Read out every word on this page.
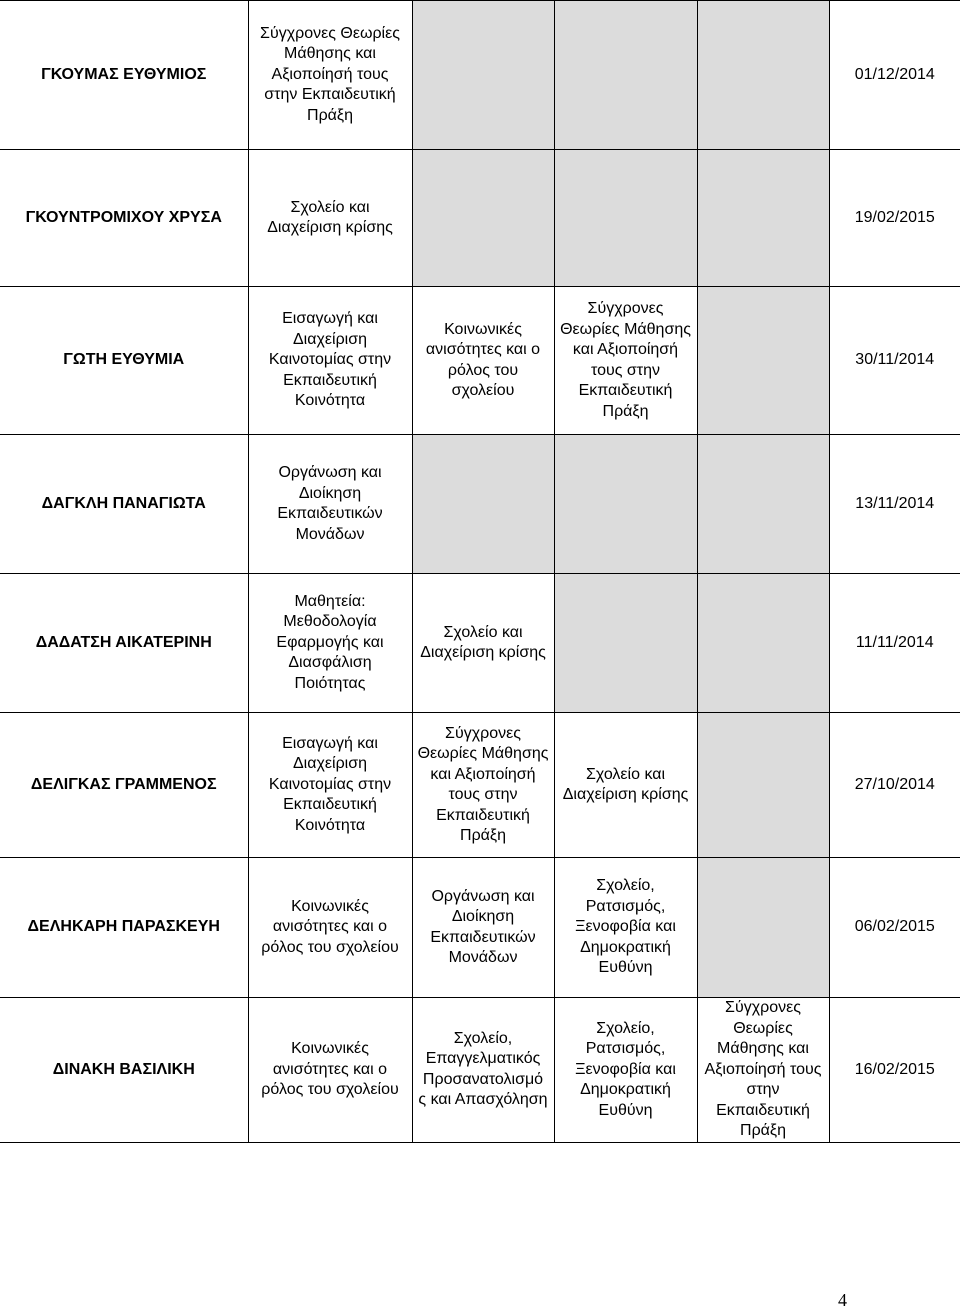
ΓΚΟΥΜΑΣ ΕΥΘΥΜΙΟΣ	Σύγχρονες Θεωρίες Μάθησης και Αξιοποίησή τους στην Εκπαιδευτική Πράξη				01/12/2014
ΓΚΟΥΝΤΡΟΜΙΧΟΥ ΧΡΥΣΑ	Σχολείο και Διαχείριση κρίσης				19/02/2015
ΓΩΤΗ ΕΥΘΥΜΙΑ	Εισαγωγή και Διαχείριση Καινοτομίας στην Εκπαιδευτική Κοινότητα	Κοινωνικές ανισότητες και ο ρόλος του σχολείου	Σύγχρονες Θεωρίες Μάθησης και Αξιοποίησή τους στην Εκπαιδευτική Πράξη		30/11/2014
ΔΑΓΚΛΗ ΠΑΝΑΓΙΩΤΑ	Οργάνωση και Διοίκηση Εκπαιδευτικών Μονάδων				13/11/2014
ΔΑΔΑΤΣΗ ΑΙΚΑΤΕΡΙΝΗ	Μαθητεία: Μεθοδολογία Εφαρμογής και Διασφάλιση Ποιότητας	Σχολείο και Διαχείριση κρίσης			11/11/2014
ΔΕΛΙΓΚΑΣ ΓΡΑΜΜΕΝΟΣ	Εισαγωγή και Διαχείριση Καινοτομίας στην Εκπαιδευτική Κοινότητα	Σύγχρονες Θεωρίες Μάθησης και Αξιοποίησή τους στην Εκπαιδευτική Πράξη	Σχολείο και Διαχείριση κρίσης		27/10/2014
ΔΕΛΗΚΑΡΗ ΠΑΡΑΣΚΕΥΗ	Κοινωνικές ανισότητες και ο ρόλος του σχολείου	Οργάνωση και Διοίκηση Εκπαιδευτικών Μονάδων	Σχολείο, Ρατσισμός, Ξενοφοβία και Δημοκρατική Ευθύνη		06/02/2015
ΔΙΝΑΚΗ ΒΑΣΙΛΙΚΗ	Κοινωνικές ανισότητες και ο ρόλος του σχολείου	Σχολείο, Επαγγελματικός Προσανατολισμό ς και Απασχόληση	Σχολείο, Ρατσισμός, Ξενοφοβία και Δημοκρατική Ευθύνη	Σύγχρονες Θεωρίες Μάθησης και Αξιοποίησή τους στην Εκπαιδευτική Πράξη	16/02/2015
4
